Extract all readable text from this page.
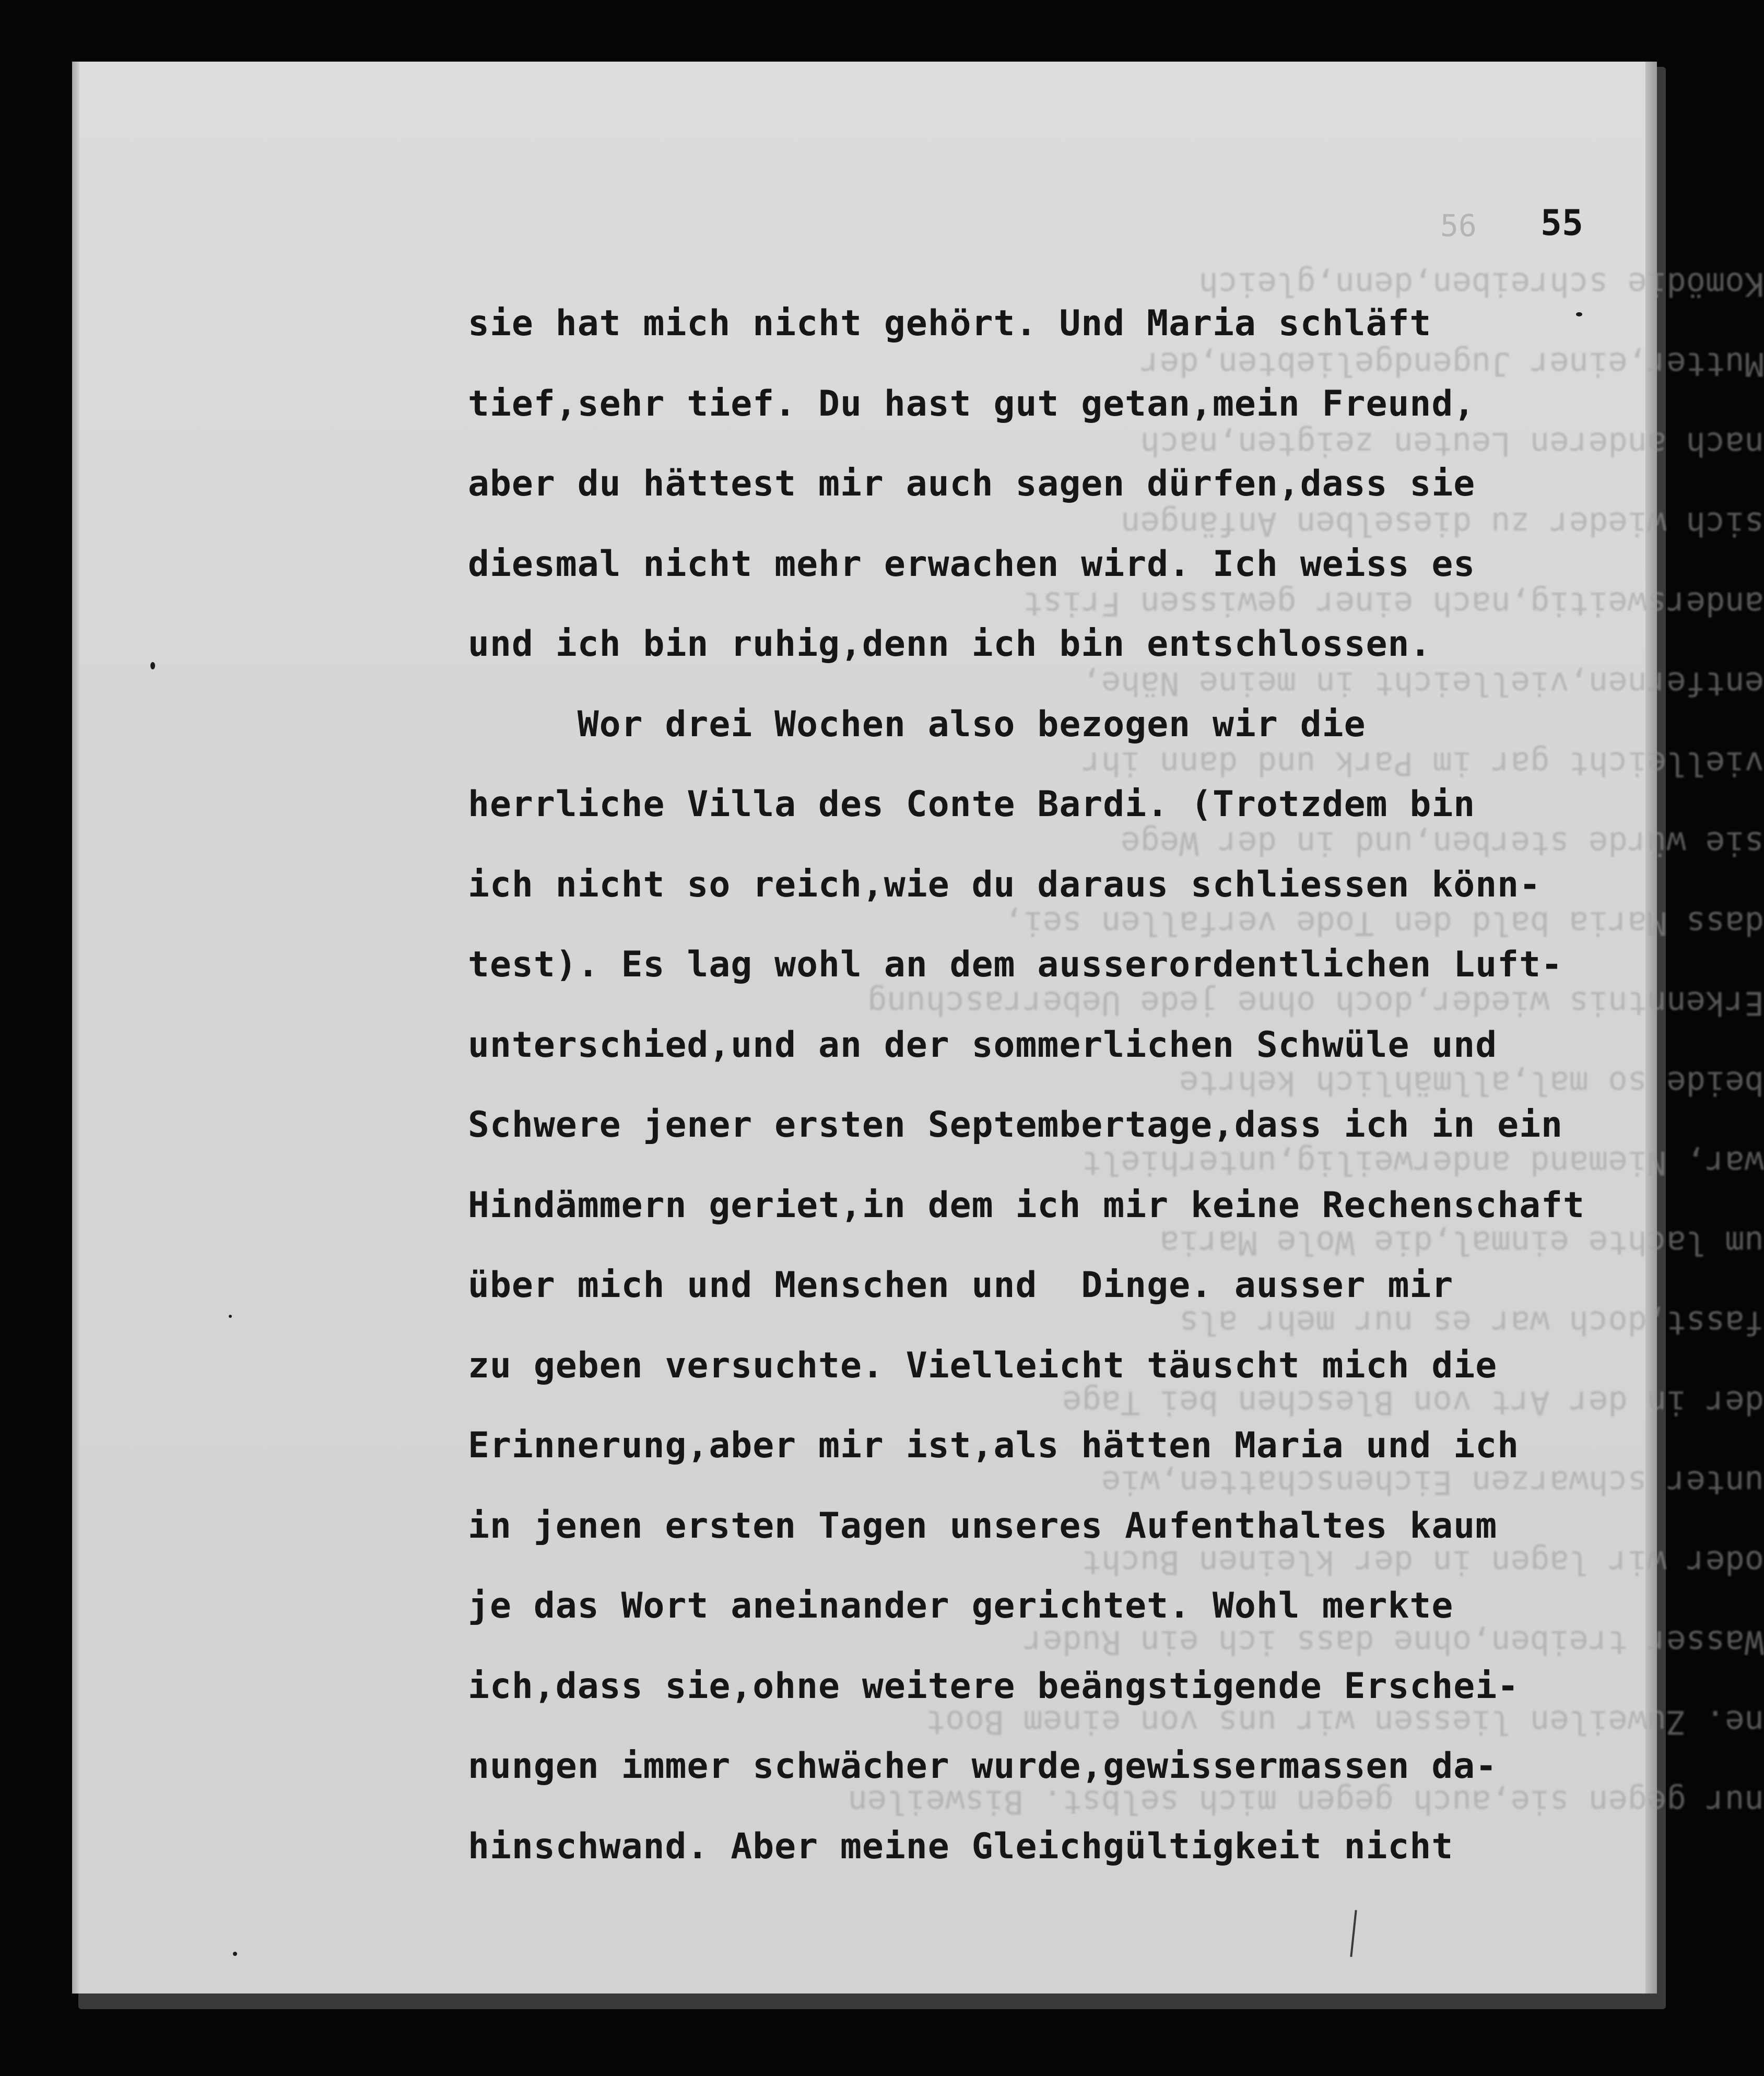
nur gegen sie,auch gegen mich selbst. Bisweilen
ne. Zuweilen liessen wir uns von einem Boot
Wasser treiben,ohne dass ich ein Ruder
oder wir lagen in der kleinen Bucht
unter schwarzen Eichenschatten,wie
der in der Art von Bleschen bei Tage
fasst,doch war es nur mehr als
um lachte einmal,die Wole Maria
war, Niemand anderweilig,unterhielt
beide so mal,allmählich kehrte
Erkenntnis wieder,doch ohne jede Ueberraschung
dass Maria bald den Tode verfallen sei,
sie würde sterben,und in der Wege
vielleicht gar im Park und dann ihr
entfernen,vielleicht in meine Nähe,
andersweitig,nach einer gewissen Frist
sich wieder zu dieselben Anfängen
nach anderen Leuten zeigten,nach
Mutter,einer Jugendgeliebten,der
Komödie schreiben,denn,gleich
56 55
sie hat mich nicht gehört. Und Maria schläft
tief,sehr tief. Du hast gut getan,mein Freund,
aber du hättest mir auch sagen dürfen,dass sie
diesmal nicht mehr erwachen wird. Ich weiss es
und ich bin ruhig,denn ich bin entschlossen.
Wor drei Wochen also bezogen wir die
herrliche Villa des Conte Bardi. (Trotzdem bin
ich nicht so reich,wie du daraus schliessen könn-
test). Es lag wohl an dem ausserordentlichen Luft-
unterschied,und an der sommerlichen Schwüle und
Schwere jener ersten Septembertage,dass ich in ein
Hindämmern geriet,in dem ich mir keine Rechenschaft
über mich und Menschen und  Dinge. ausser mir
zu geben versuchte. Vielleicht täuscht mich die
Erinnerung,aber mir ist,als hätten Maria und ich
in jenen ersten Tagen unseres Aufenthaltes kaum
je das Wort aneinander gerichtet. Wohl merkte
ich,dass sie,ohne weitere beängstigende Erschei-
nungen immer schwächer wurde,gewissermassen da-
hinschwand. Aber meine Gleichgültigkeit nicht
